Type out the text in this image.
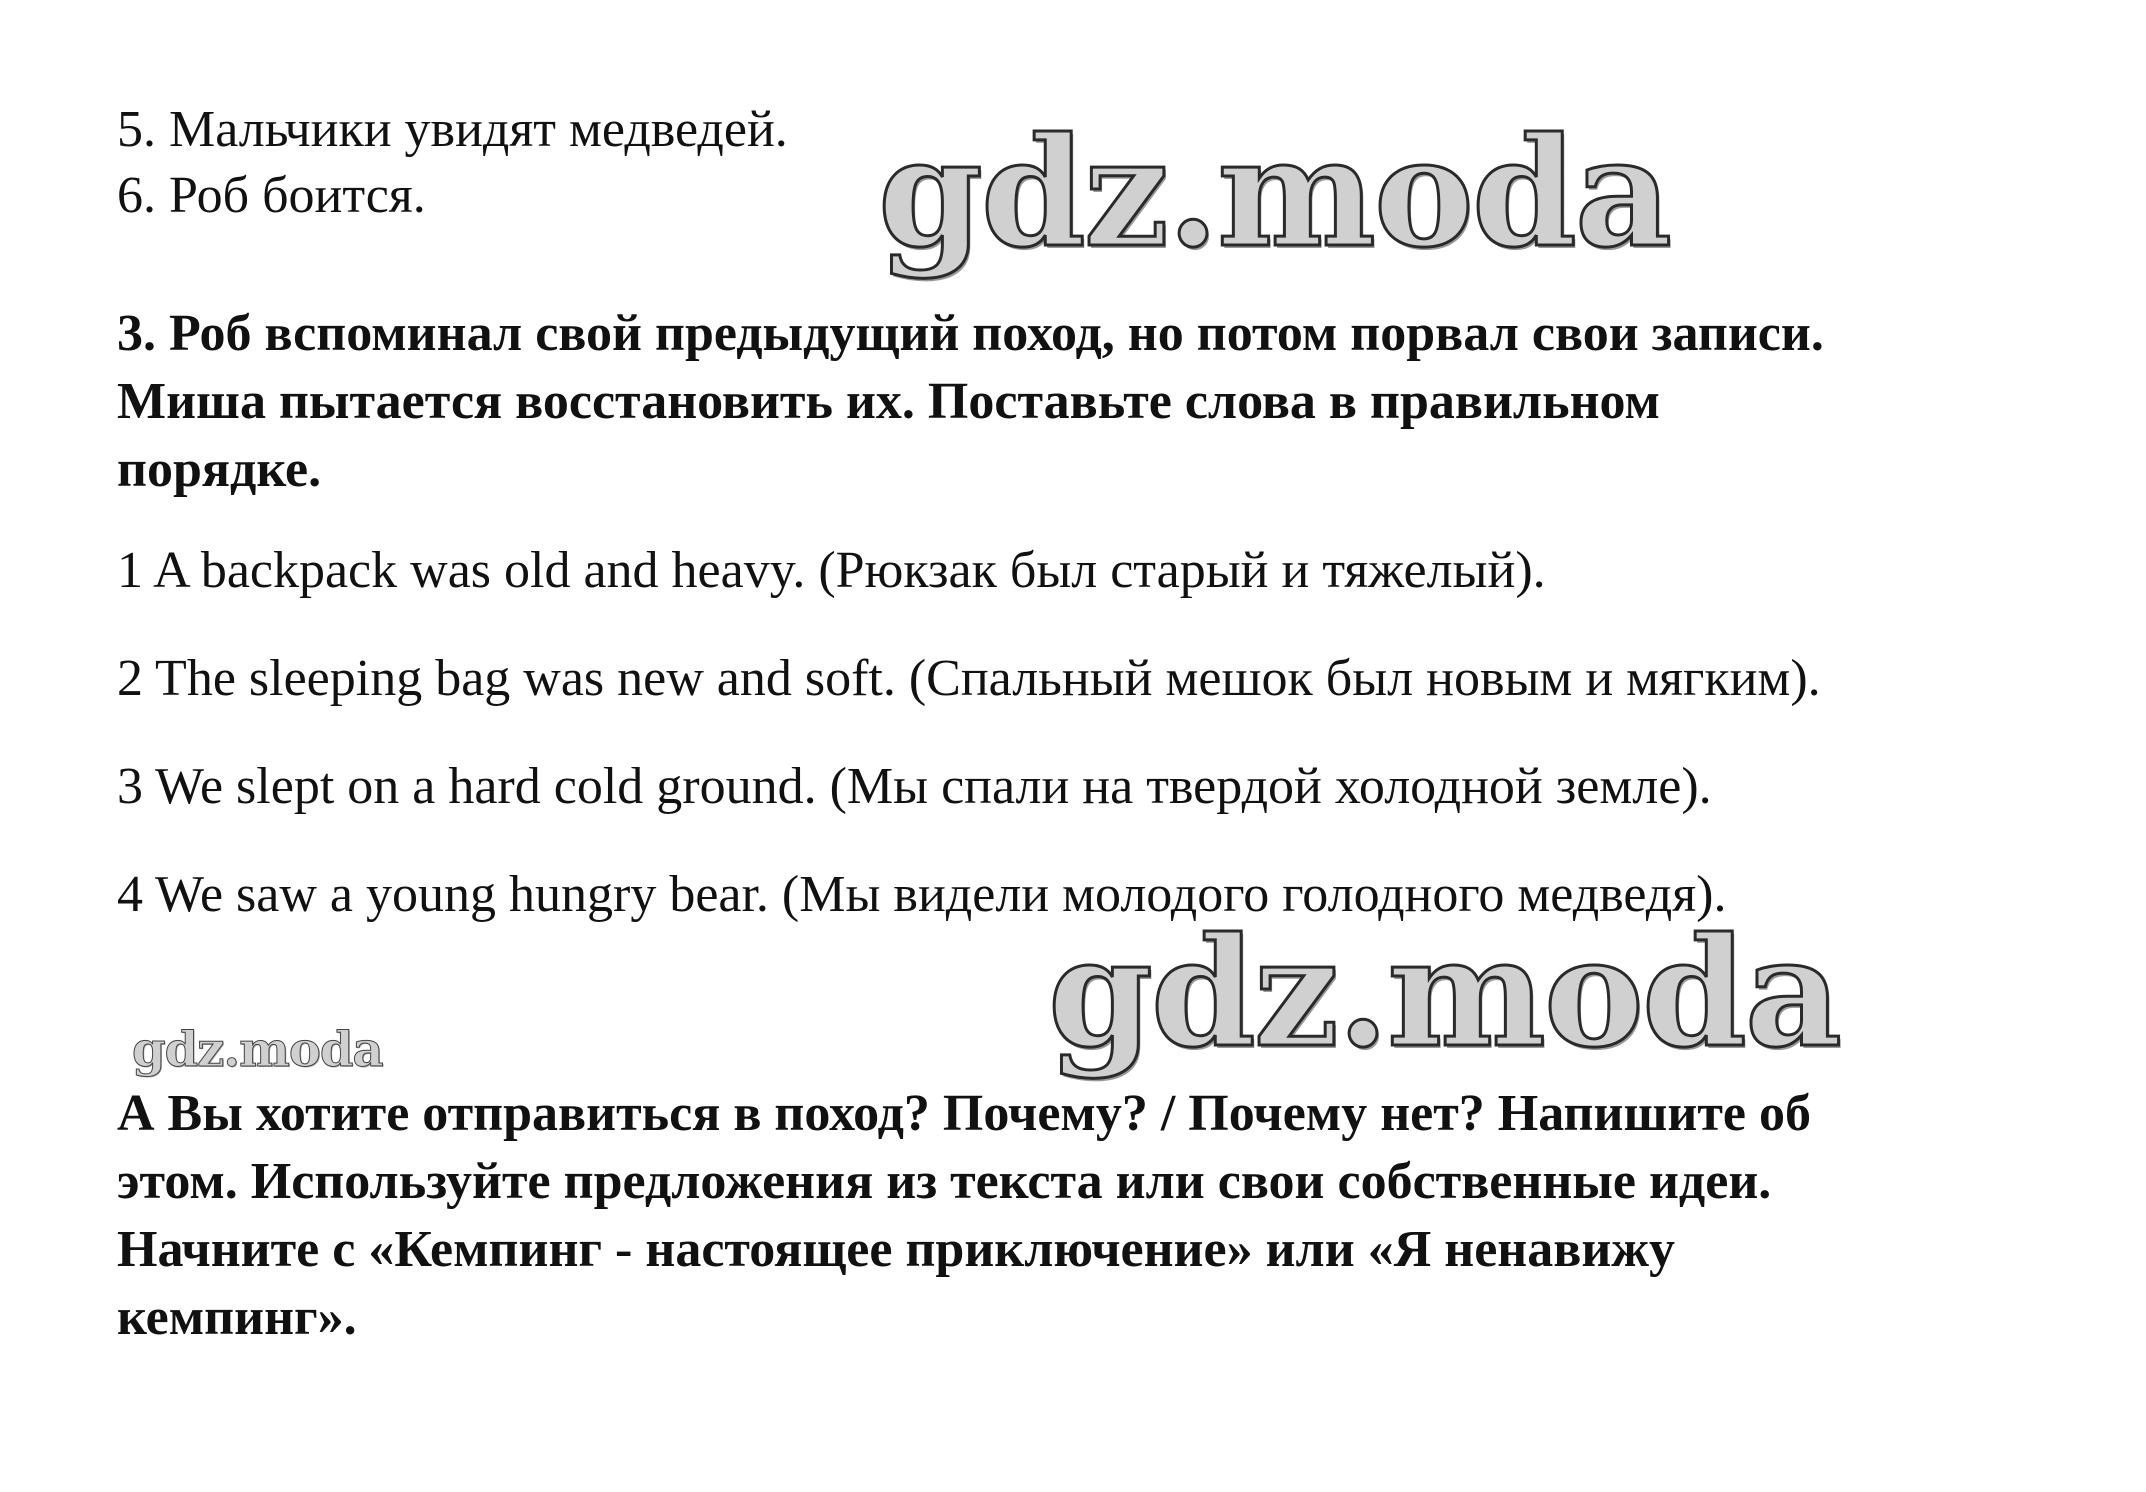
5. Мальчики увидят медведей.
6. Роб боится.	gdz.moda
3. Роб вспоминал свой предыдущий поход, но потом порвал свои записи.
Миша пытается восстановить их. Поставьте слова в правильном
порядке.
1 A backpack was old and heavy. (Рюкзак был старый и тяжелый).
2 The sleeping bag was new and soft. (Спальный мешок был новым и мягким).
3 We slept on a hard cold ground. (Мы спали на твердой холодной земле).
4 We saw a young hungry bear. (Мы видели молодого голодного медведя).
gdz.moda
gdz.moda
А Вы хотите отправиться в поход? Почему? / Почему нет? Напишите об
этом. Используйте предложения из текста или свои собственные идеи.
Начните с «Кемпинг - настоящее приключение» или «Я ненавижу
кемпинг».
